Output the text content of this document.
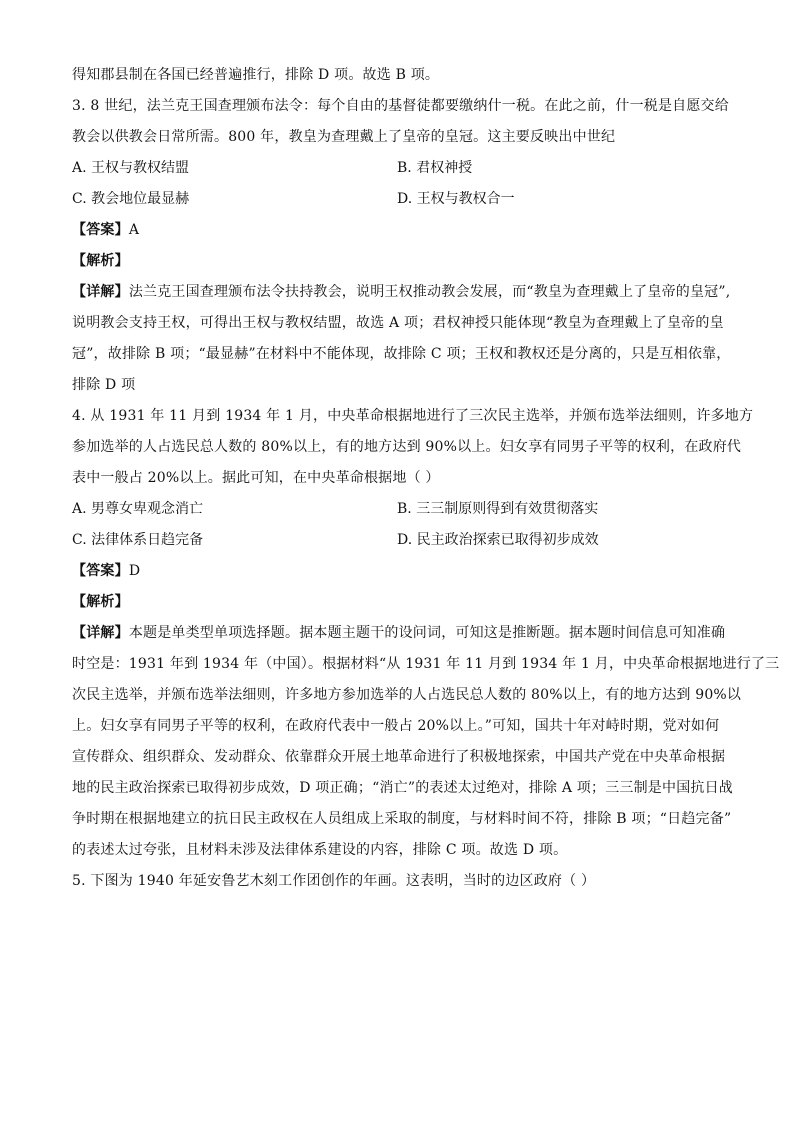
得知郡县制在各国已经普遍推行，排除 D 项。故选 B 项。
3. 8 世纪，法兰克王国查理颁布法令：每个自由的基督徒都要缴纳什一税。在此之前，什一税是自愿交给
教会以供教会日常所需。800 年，教皇为查理戴上了皇帝的皇冠。这主要反映出中世纪
A. 王权与教权结盟	B. 君权神授
C. 教会地位最显赫	D. 王权与教权合一
【答案】A
【解析】
【详解】法兰克王国查理颁布法令扶持教会，说明王权推动教会发展，而“教皇为查理戴上了皇帝的皇冠”,
说明教会支持王权，可得出王权与教权结盟，故选 A 项；君权神授只能体现“教皇为查理戴上了皇帝的皇
冠”，故排除 B 项；“最显赫”在材料中不能体现，故排除 C 项；王权和教权还是分离的，只是互相依靠，
排除 D 项
4. 从 1931 年 11 月到 1934 年 1 月，中央革命根据地进行了三次民主选举，并颁布选举法细则，许多地方
参加选举的人占选民总人数的 80%以上，有的地方达到 90%以上。妇女享有同男子平等的权利，在政府代
表中一般占 20%以上。据此可知，在中央革命根据地（ ）
A. 男尊女卑观念消亡	B. 三三制原则得到有效贯彻落实
C. 法律体系日趋完备	D. 民主政治探索已取得初步成效
【答案】D
【解析】
【详解】本题是单类型单项选择题。据本题主题干的设问词，可知这是推断题。据本题时间信息可知准确
时空是：1931 年到 1934 年（中国）。根据材料“从 1931 年 11 月到 1934 年 1 月，中央革命根据地进行了三
次民主选举，并颁布选举法细则，许多地方参加选举的人占选民总人数的 80%以上，有的地方达到 90%以
上。妇女享有同男子平等的权利，在政府代表中一般占 20%以上。”可知，国共十年对峙时期，党对如何
宣传群众、组织群众、发动群众、依靠群众开展土地革命进行了积极地探索，中国共产党在中央革命根据
地的民主政治探索已取得初步成效，D 项正确；“消亡”的表述太过绝对，排除 A 项；三三制是中国抗日战
争时期在根据地建立的抗日民主政权在人员组成上采取的制度，与材料时间不符，排除 B 项；“日趋完备”
的表述太过夸张，且材料未涉及法律体系建设的内容，排除 C 项。故选 D 项。
5. 下图为 1940 年延安鲁艺木刻工作团创作的年画。这表明，当时的边区政府（ ）
